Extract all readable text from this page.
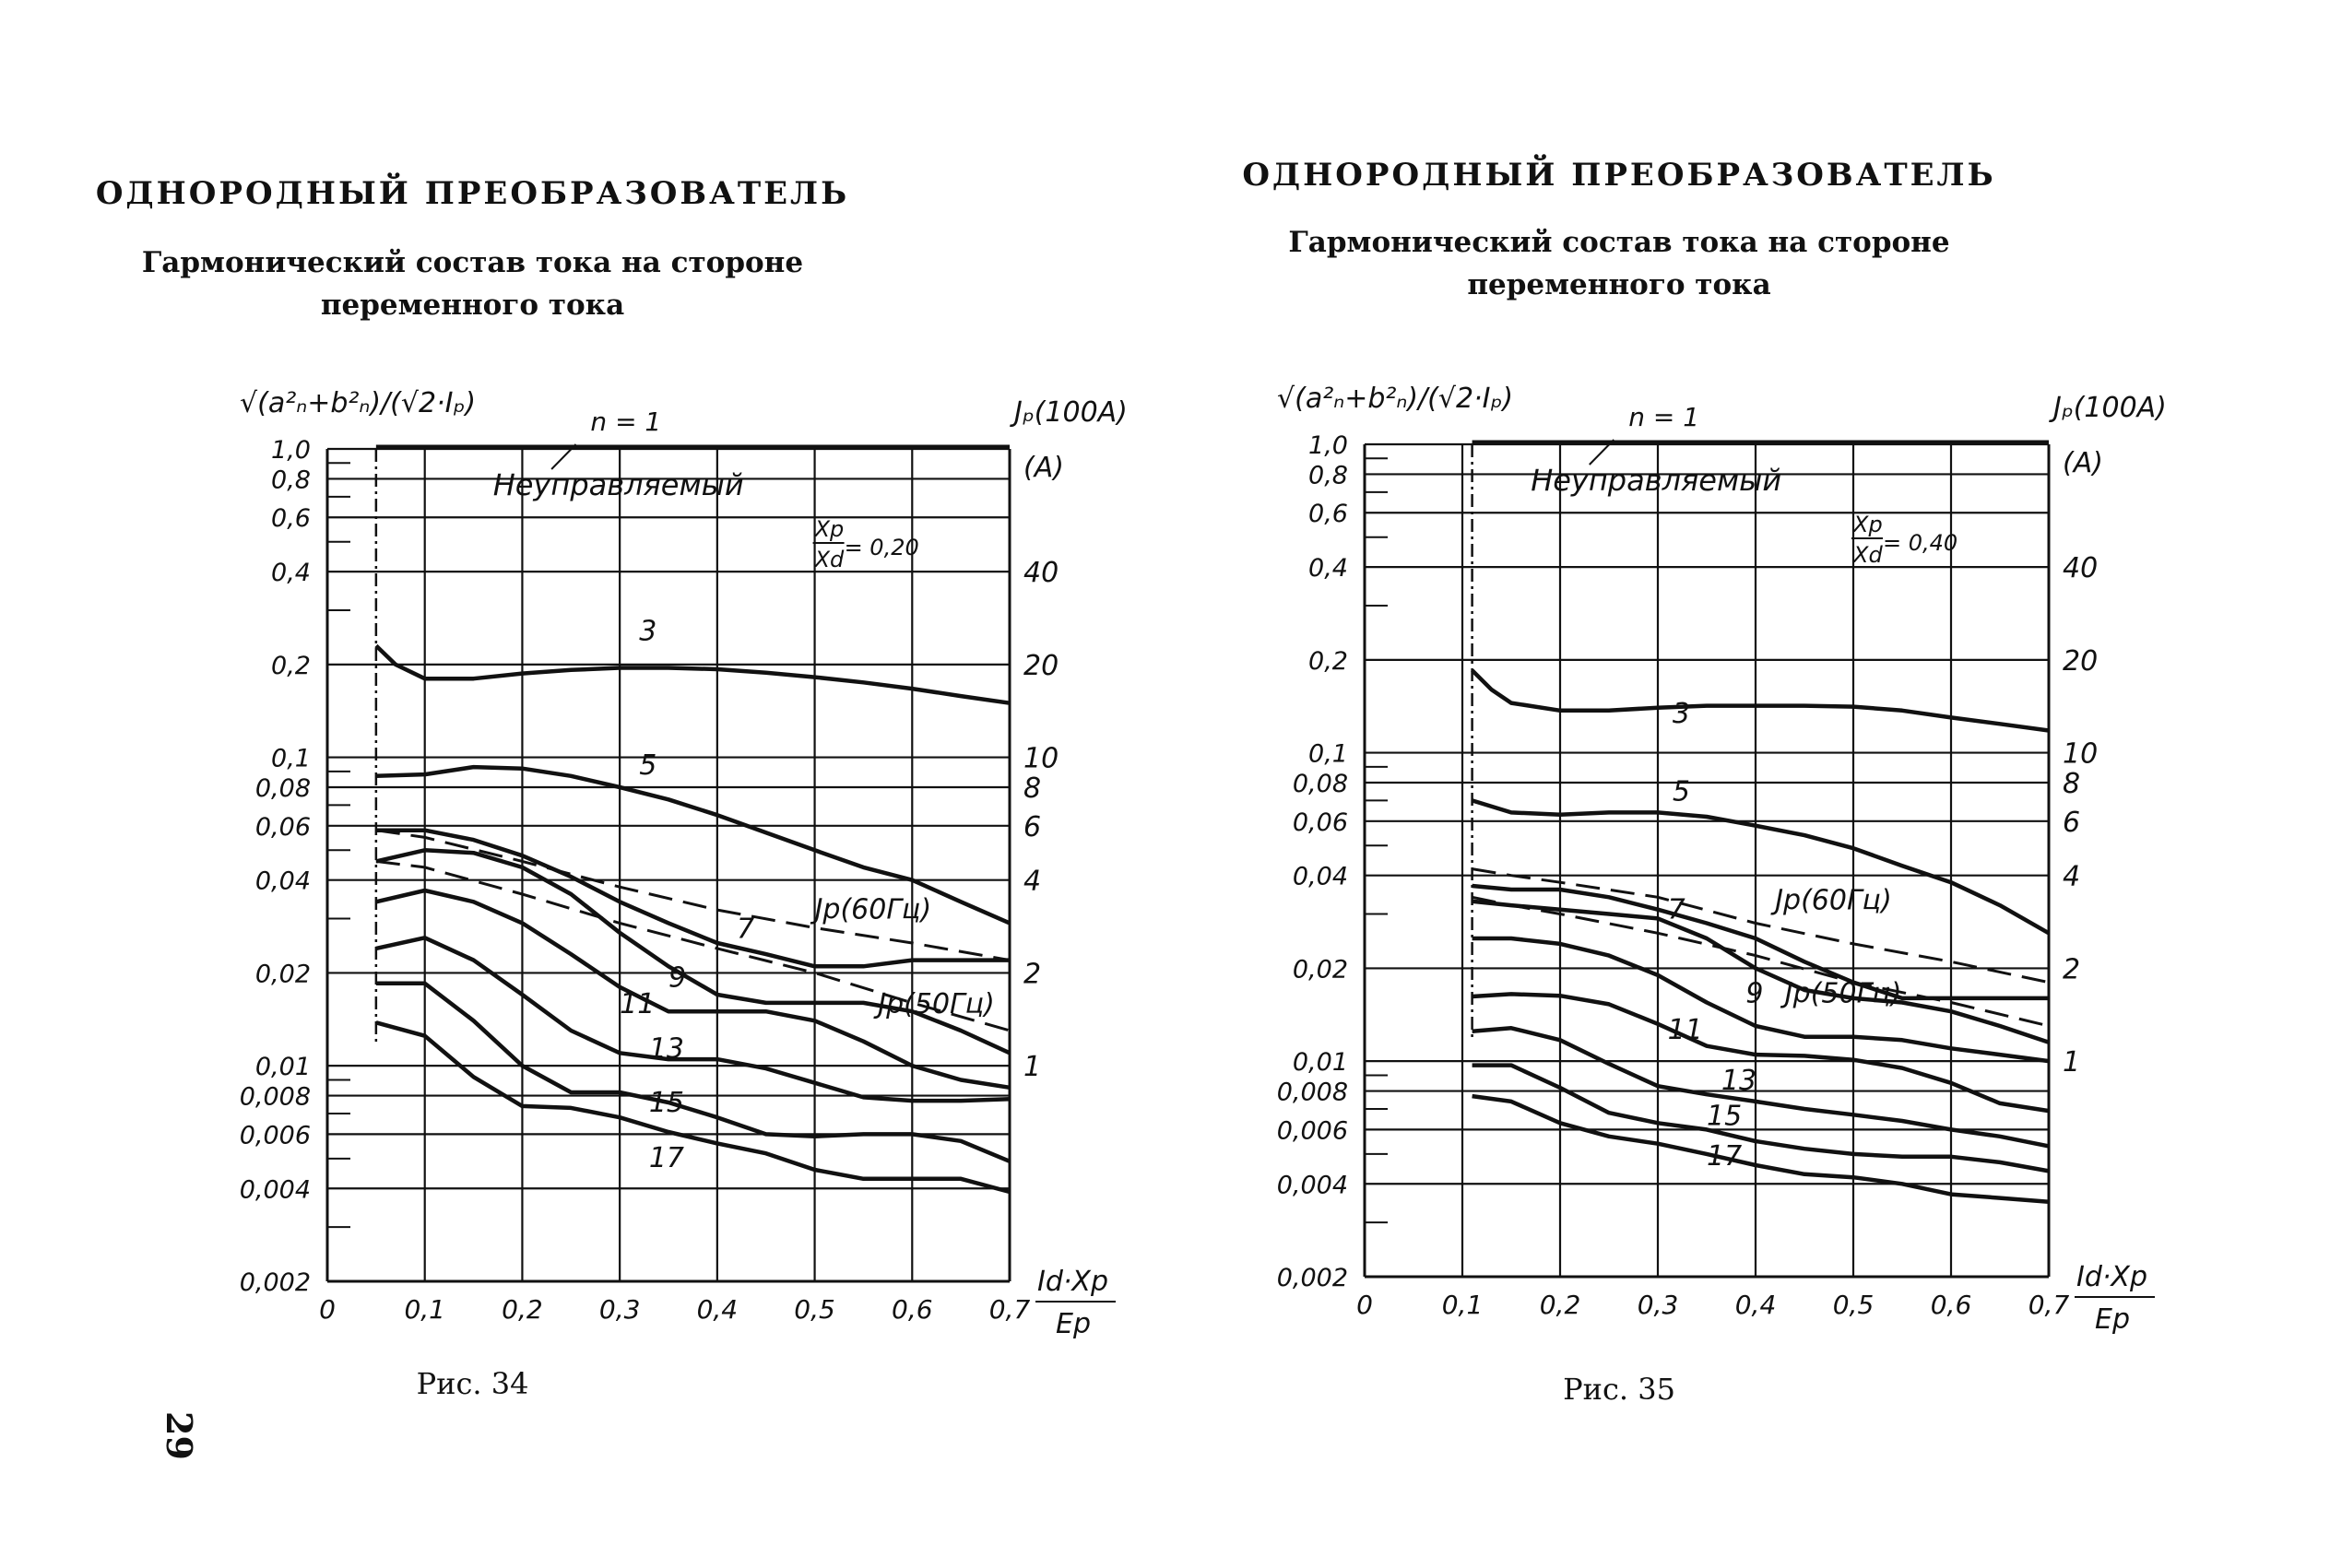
ОДНОРОДНЫЙ ПРЕОБРАЗОВАТЕЛЬ
Гармонический состав тока на стороне
переменного тока
1,0
0,8
0,6
0,4
0,2
0,1
0,08
0,06
0,04
0,02
0,01
0,008
0,006
0,004
0,002
40
20
10
8
6
4
2
1
0	0,1 0,2 0,3 0,4 0,5 0,6 0,7
√(a²ₙ+b²ₙ)/(√2·Iₚ)	Jₚ(100A)
(A)
Id·Xp
Ep
n = 1
Неуправляемый
Xp
Xd = 0,20
3
5
7
9
11
13
15
17
Jp(60Гц)
Jp(50Гц)
Рис. 34
ОДНОРОДНЫЙ ПРЕОБРАЗОВАТЕЛЬ
Гармонический состав тока на стороне
переменного тока
1,0
0,8
0,6
0,4
0,2
0,1
0,08
0,06
0,04
0,02
0,01
0,008
0,006
0,004
0,002
40
20
10
8
6
4
2
1
0	0,1 0,2 0,3 0,4 0,5 0,6 0,7
√(a²ₙ+b²ₙ)/(√2·Iₚ)	Jₚ(100A)
(A)
Id·Xp
Ep
n = 1
Неуправляемый
Xp
Xd = 0,40
3
5
7
9
11
13
15
17
Jp(60Гц)
Jp(50Гц)
Рис. 35
29
